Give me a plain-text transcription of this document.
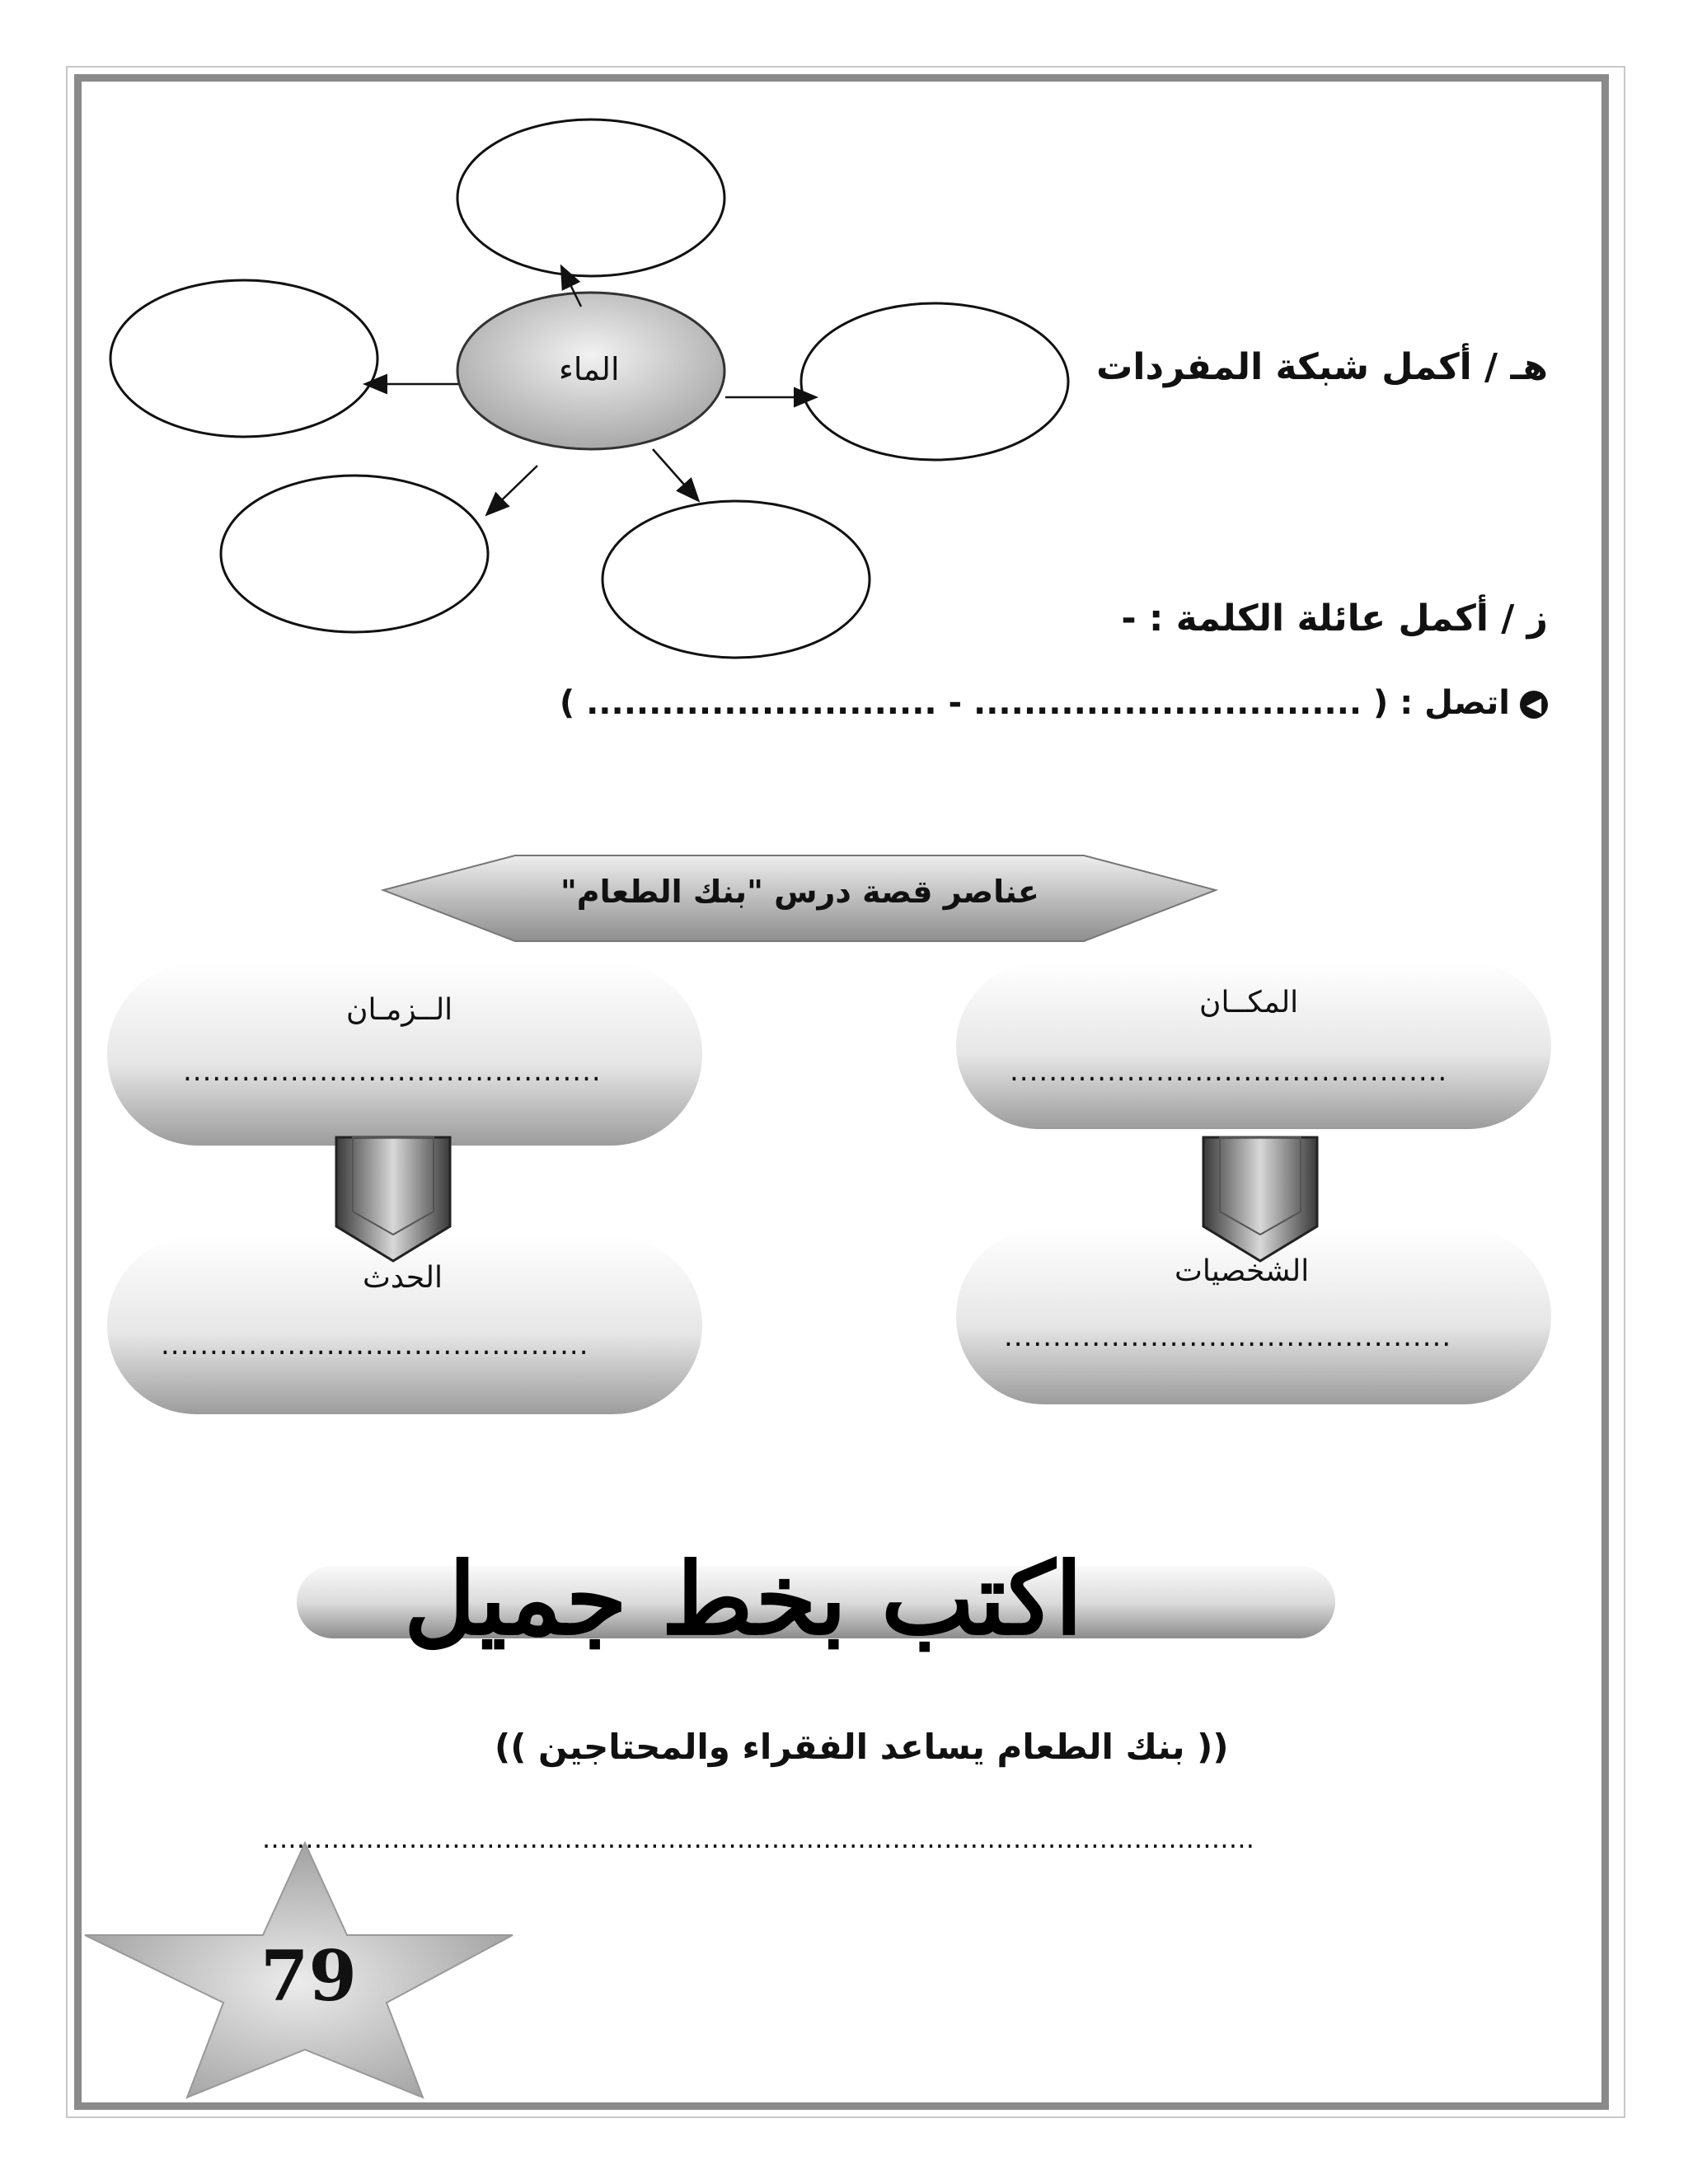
هـ / أكمل شبكة المفردات
الماء
ز / أكمل عائلة الكلمة : -
◀اتصل : ( ............................... - ............................ )
عناصر قصة درس "بنك الطعام"
الــزمـان
...........................................
المكــان
.............................................
الحدث
............................................
الشخصيات
..............................................
اكتب بخط جميل
(( بنك الطعام يساعد الفقراء والمحتاجين ))
...................................................................................................................
79
